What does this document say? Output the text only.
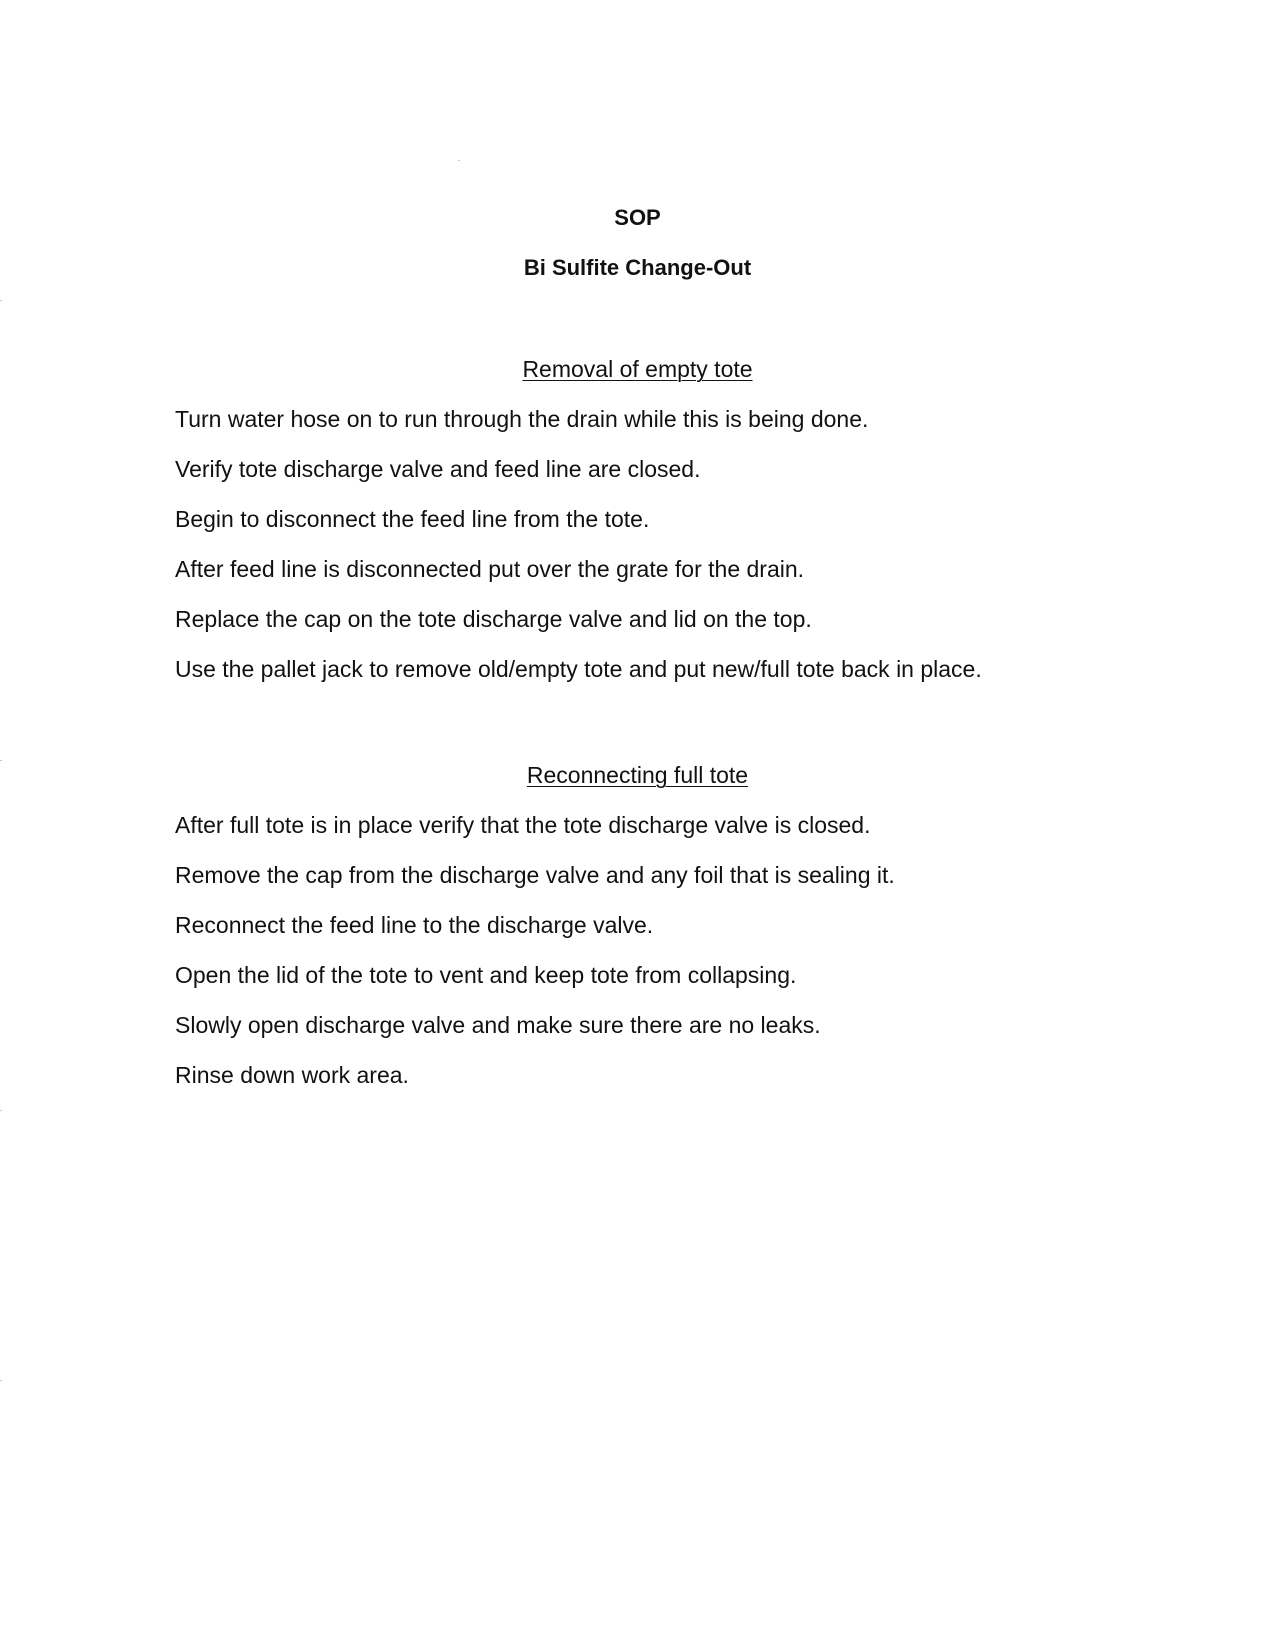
SOP
Bi Sulfite Change-Out
Removal of empty tote
Turn water hose on to run through the drain while this is being done.
Verify tote discharge valve and feed line are closed.
Begin to disconnect the feed line from the tote.
After feed line is disconnected put over the grate for the drain.
Replace the cap on the tote discharge valve and lid on the top.
Use the pallet jack to remove old/empty tote and put new/full tote back in place.
Reconnecting full tote
After full tote is in place verify that the tote discharge valve is closed.
Remove the cap from the discharge valve and any foil that is sealing it.
Reconnect the feed line to the discharge valve.
Open the lid of the tote to vent and keep tote from collapsing.
Slowly open discharge valve and make sure there are no leaks.
Rinse down work area.
